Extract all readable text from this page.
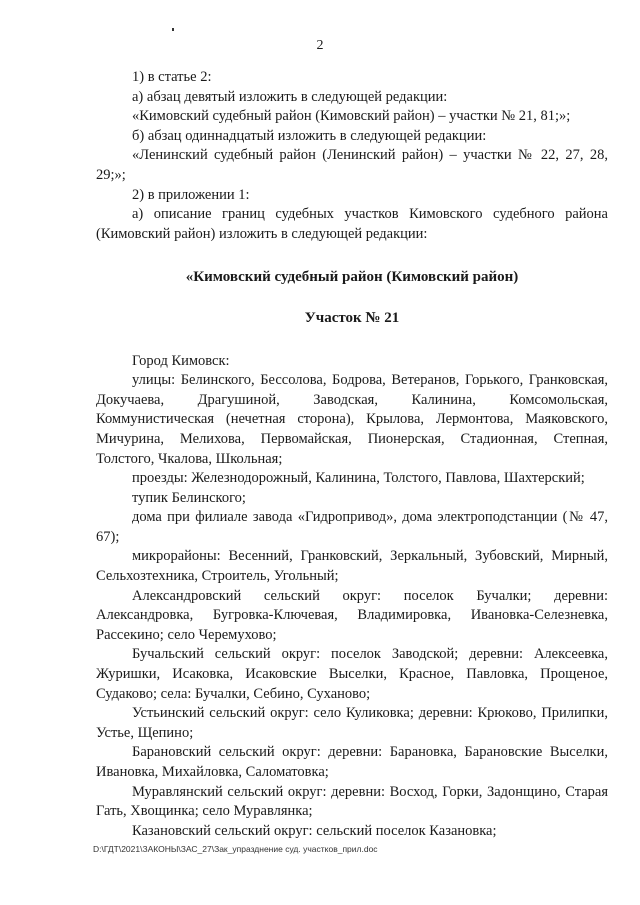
2

1) в статье 2:

а) абзац девятый изложить в следующей редакции:

«Кимовский судебный район (Кимовский район) – участки № 21, 81;»;

б) абзац одиннадцатый изложить в следующей редакции:

«Ленинский судебный район (Ленинский район) – участки № 22, 27, 28, 29;»;

2) в приложении 1:

а) описание границ судебных участков Кимовского судебного района (Кимовский район) изложить в следующей редакции:

«Кимовский судебный район (Кимовский район)

Участок № 21

Город Кимовск:

улицы: Белинского, Бессолова, Бодрова, Ветеранов, Горького, Гранковская, Докучаева, Драгушиной, Заводская, Калинина, Комсомольская, Коммунистическая (нечетная сторона), Крылова, Лермонтова, Маяковского, Мичурина, Мелихова, Первомайская, Пионерская, Стадионная, Степная, Толстого, Чкалова, Школьная;

проезды: Железнодорожный, Калинина, Толстого, Павлова, Шахтерский;

тупик Белинского;

дома при филиале завода «Гидропривод», дома электроподстанции (№ 47, 67);

микрорайоны: Весенний, Гранковский, Зеркальный, Зубовский, Мирный, Сельхозтехника, Строитель, Угольный;

Александровский сельский округ: поселок Бучалки; деревни: Александровка, Бугровка-Ключевая, Владимировка, Ивановка-Селезневка, Рассекино; село Черемухово;

Бучальский сельский округ: поселок Заводской; деревни: Алексеевка, Журишки, Исаковка, Исаковские Выселки, Красное, Павловка, Прощеное, Судаково; села: Бучалки, Себино, Суханово;

Устьинский сельский округ: село Куликовка; деревни: Крюково, Прилипки, Устье, Щепино;

Барановский сельский округ: деревни: Барановка, Барановские Выселки, Ивановка, Михайловка, Саломатовка;

Муравлянский сельский округ: деревни: Восход, Горки, Задонщино, Старая Гать, Хвощинка; село Муравлянка;

Казановский сельский округ: сельский поселок Казановка;

D:\ГДТ\2021\ЗАКОНЫ\ЗАС_27\Зак_упразднение суд. участков_прил.doc
